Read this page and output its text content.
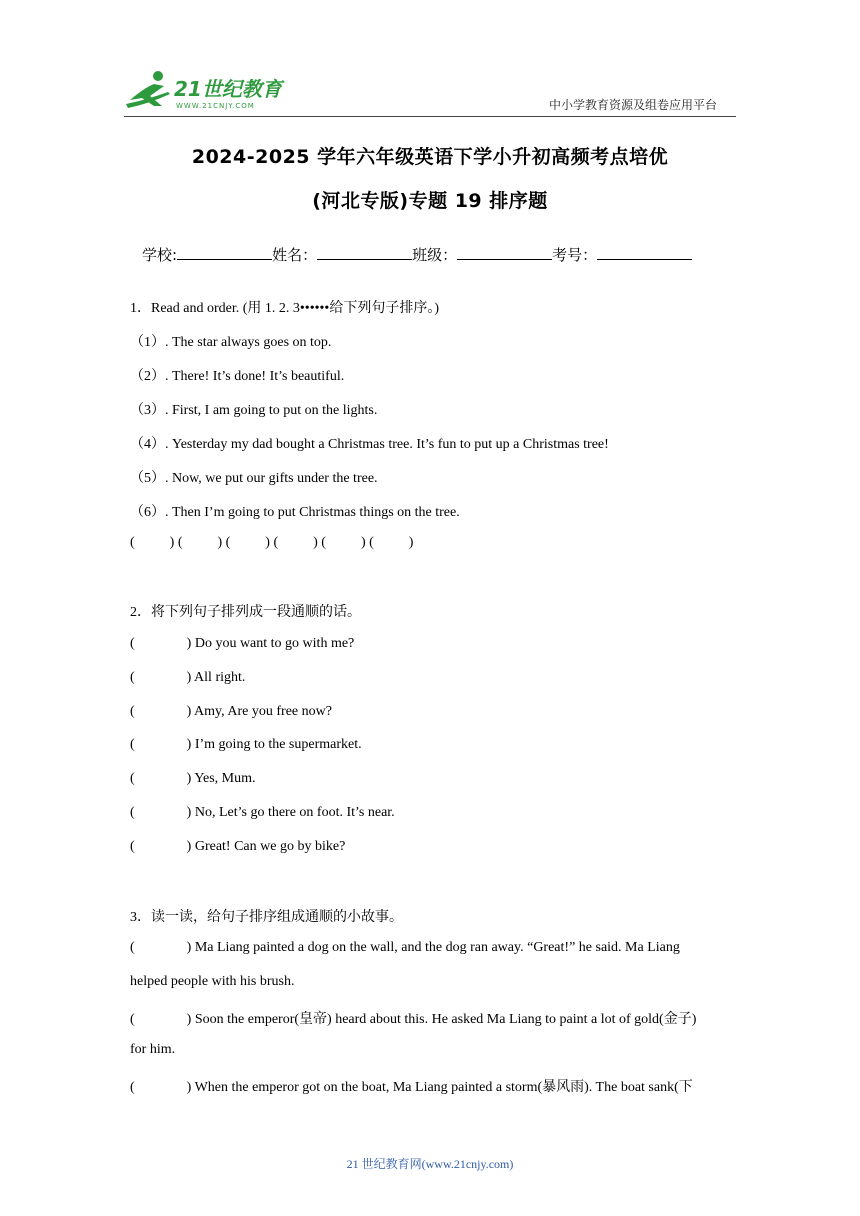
21世纪教育
WWW.21CNJY.COM	中小学教育资源及组卷应用平台
2024-2025 学年六年级英语下学小升初高频考点培优
(河北专版)专题 19 排序题
学校:	姓名：	班级：	考号：
1．Read and order. (用 1. 2. 3••••••给下列句子排序。)
（1）. The star always goes on top.
（2）. There! It’s done! It’s beautiful.
（3）. First, I am going to put on the lights.
（4）. Yesterday my dad bought a Christmas tree. It’s fun to put up a Christmas tree!
（5）. Now, we put our gifts under the tree.
（6）. Then I’m going to put Christmas things on the tree.
(          ) (          ) (          ) (          ) (          ) (          )
2．将下列句子排列成一段通顺的话。
(	) Do you want to go with me?
(	) All right.
(	) Amy, Are you free now?
(	) I’m going to the supermarket.
(	) Yes, Mum.
(	) No, Let’s go there on foot. It’s near.
(	) Great! Can we go by bike?
3．读一读，给句子排序组成通顺的小故事。
(	) Ma Liang painted a dog on the wall, and the dog ran away. “Great!” he said. Ma Liang
helped people with his brush.
(	) Soon the emperor(皇帝) heard about this. He asked Ma Liang to paint a lot of gold(金子)
for him.
(	) When the emperor got on the boat, Ma Liang painted a storm(暴风雨). The boat sank(下
21 世纪教育网(www.21cnjy.com)
